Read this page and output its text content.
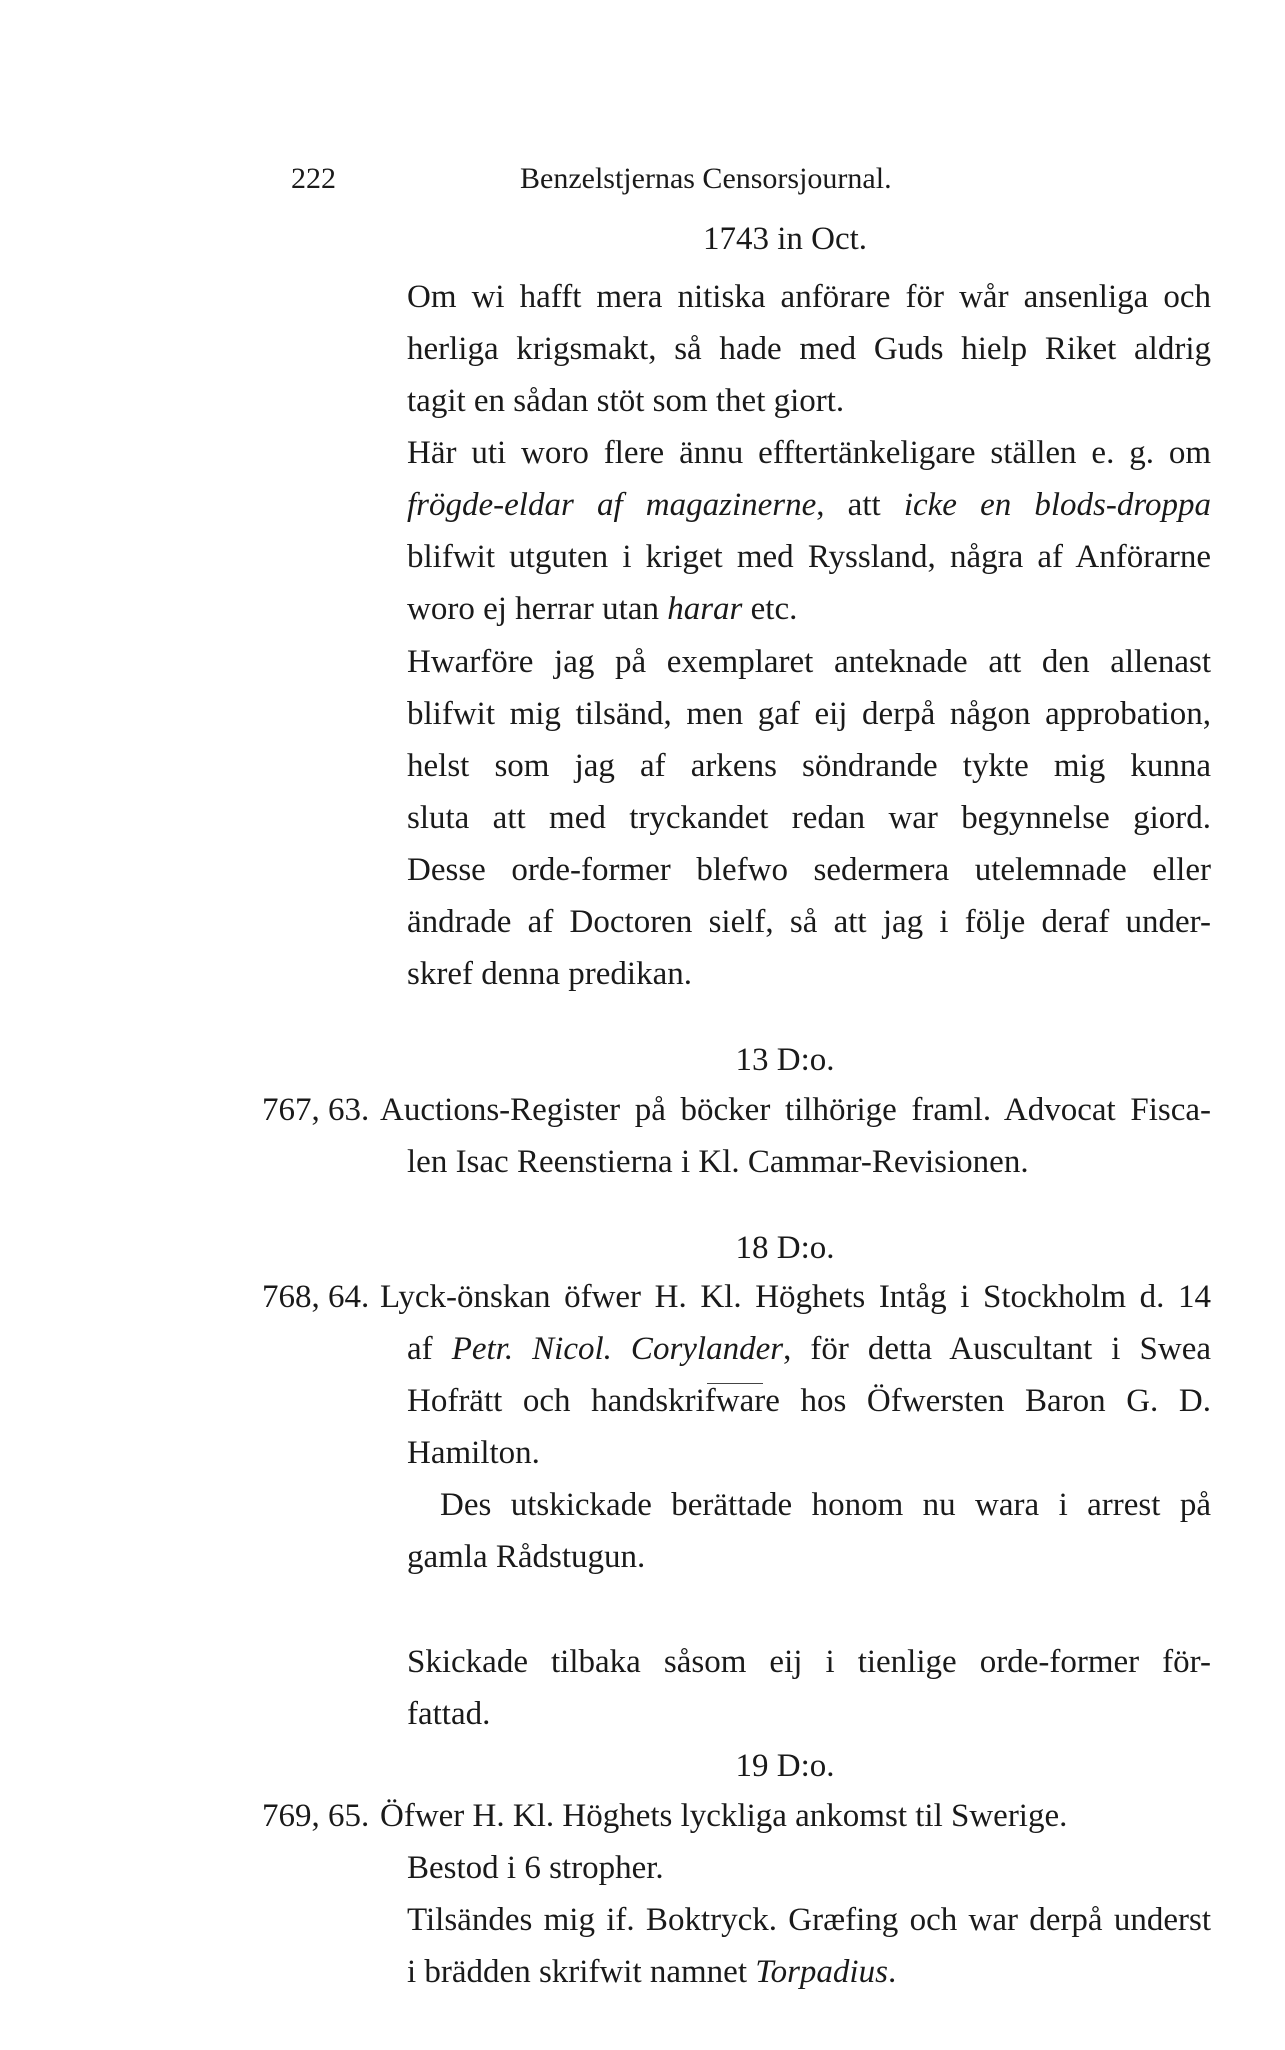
222	Benzelstjernas Censorsjournal.
1743 in Oct.
Om wi hafft mera nitiska anförare för wår ansenliga och
herliga krigsmakt, så hade med Guds hielp Riket aldrig
tagit en sådan stöt som thet giort.
Här uti woro flere ännu efftertänkeligare ställen e. g. om
frögde-eldar af magazinerne, att icke en blods-droppa
blifwit utguten i kriget med Ryssland, några af Anförarne
woro ej herrar utan harar etc.
Hwarföre jag på exemplaret anteknade att den allenast
blifwit mig tilsänd, men gaf eij derpå någon approbation,
helst som jag af arkens söndrande tykte mig kunna
sluta att med tryckandet redan war begynnelse giord.
Desse orde-former blefwo sedermera utelemnade eller
ändrade af Doctoren sielf, så att jag i följe deraf under-
skref denna predikan.
13 D:o.
767, 63. Auctions-Register på böcker tilhörige framl. Advocat Fisca-
len Isac Reenstierna i Kl. Cammar-Revisionen.
18 D:o.
768, 64. Lyck-önskan öfwer H. Kl. Höghets Intåg i Stockholm d. 14
af Petr. Nicol. Corylander, för detta Auscultant i Swea
Hofrätt och handskrifware hos Öfwersten Baron G. D.
Hamilton.
Des utskickade berättade honom nu wara i arrest på
gamla Rådstugun.
Skickade tilbaka såsom eij i tienlige orde-former för-
fattad.
19 D:o.
769, 65. Öfwer H. Kl. Höghets lyckliga ankomst til Swerige.
Bestod i 6 stropher.
Tilsändes mig if. Boktryck. Græfing och war derpå underst
i brädden skrifwit namnet Torpadius.
